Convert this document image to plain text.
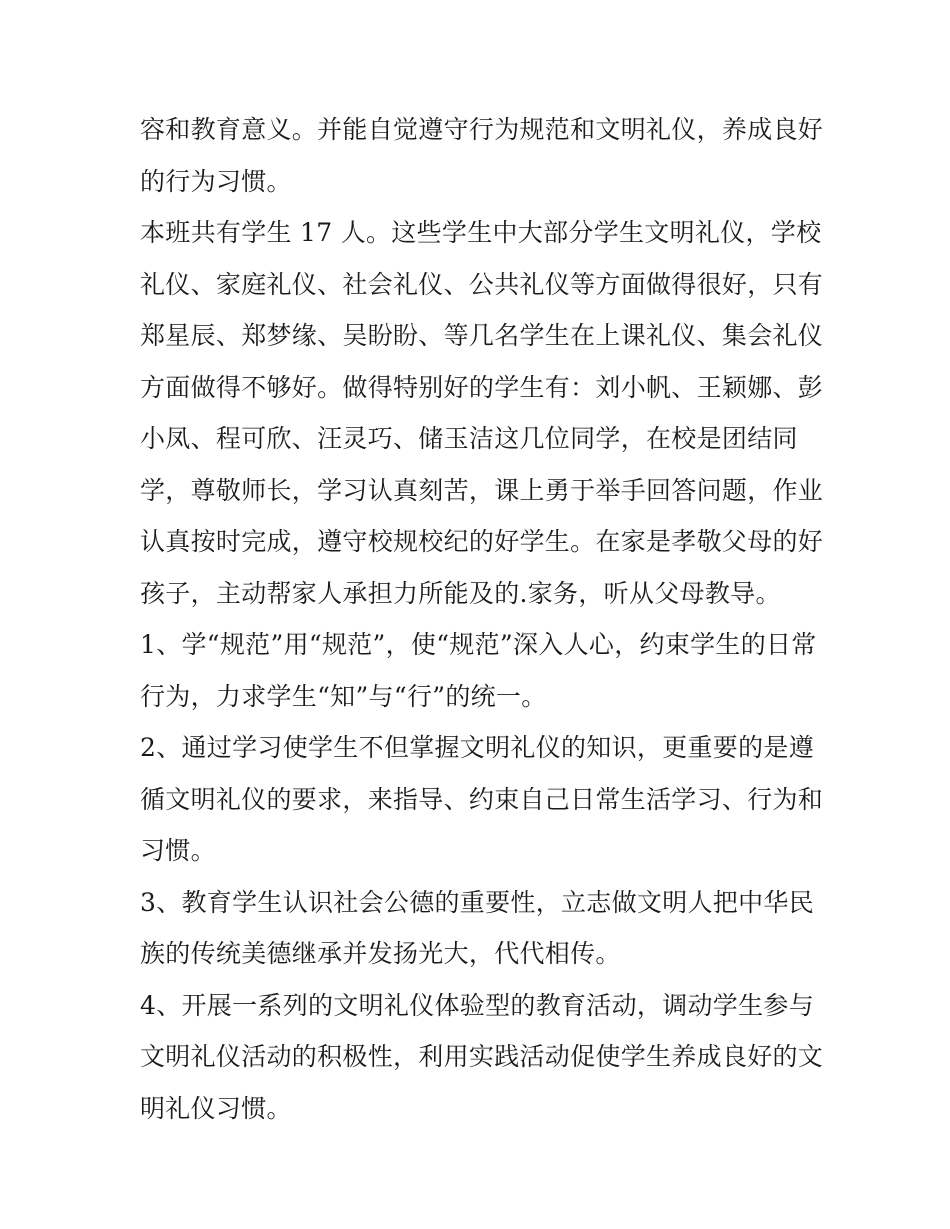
容和教育意义。并能自觉遵守行为规范和文明礼仪，养成良好
的行为习惯。

本班共有学生 17 人。这些学生中大部分学生文明礼仪，学校
礼仪、家庭礼仪、社会礼仪、公共礼仪等方面做得很好，只有
郑星辰、郑梦缘、吴盼盼、等几名学生在上课礼仪、集会礼仪
方面做得不够好。做得特别好的学生有：刘小帆、王颖娜、彭
小凤、程可欣、汪灵巧、储玉洁这几位同学，在校是团结同
学，尊敬师长，学习认真刻苦，课上勇于举手回答问题，作业
认真按时完成，遵守校规校纪的好学生。在家是孝敬父母的好
孩子，主动帮家人承担力所能及的.家务，听从父母教导。

1、学“规范”用“规范”，使“规范”深入人心，约束学生的日常
行为，力求学生“知”与“行”的统一。

2、通过学习使学生不但掌握文明礼仪的知识，更重要的是遵
循文明礼仪的要求，来指导、约束自己日常生活学习、行为和
习惯。

3、教育学生认识社会公德的重要性，立志做文明人把中华民
族的传统美德继承并发扬光大，代代相传。

4、开展一系列的文明礼仪体验型的教育活动，调动学生参与
文明礼仪活动的积极性，利用实践活动促使学生养成良好的文
明礼仪习惯。
